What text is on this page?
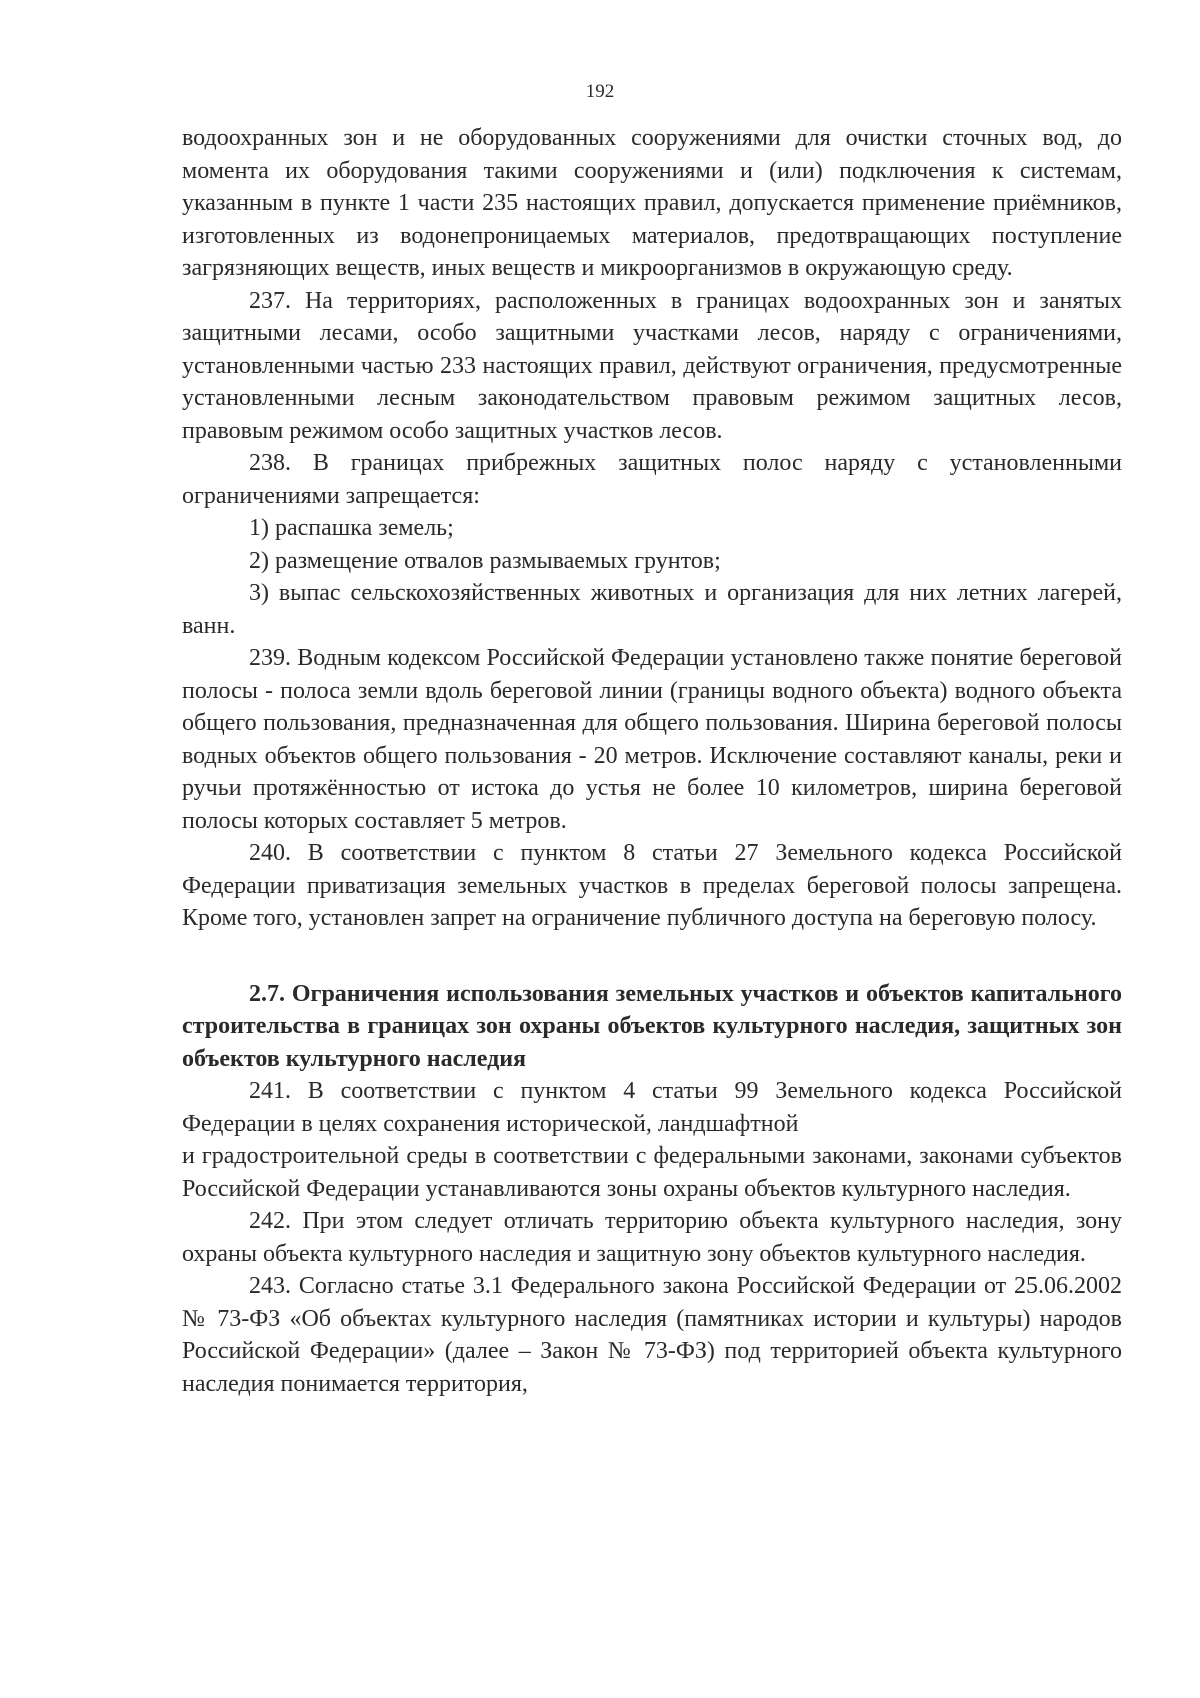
192

водоохранных зон и не оборудованных сооружениями для очистки сточных вод, до момента их оборудования такими сооружениями и (или) подключения к системам, указанным в пункте 1 части 235 настоящих правил, допускается применение приёмников, изготовленных из водонепроницаемых материалов, предотвращающих поступление загрязняющих веществ, иных веществ и микроорганизмов в окружающую среду.

237. На территориях, расположенных в границах водоохранных зон и занятых защитными лесами, особо защитными участками лесов, наряду с ограничениями, установленными частью 233 настоящих правил, действуют ограничения, предусмотренные установленными лесным законодательством правовым режимом защитных лесов, правовым режимом особо защитных участков лесов.

238. В границах прибрежных защитных полос наряду с установленными ограничениями запрещается:

1) распашка земель;

2) размещение отвалов размываемых грунтов;

3) выпас сельскохозяйственных животных и организация для них летних лагерей, ванн.

239. Водным кодексом Российской Федерации установлено также понятие береговой полосы - полоса земли вдоль береговой линии (границы водного объекта) водного объекта общего пользования, предназначенная для общего пользования. Ширина береговой полосы водных объектов общего пользования - 20 метров. Исключение составляют каналы, реки и ручьи протяжённостью от истока до устья не более 10 километров, ширина береговой полосы которых составляет 5 метров.

240. В соответствии с пунктом 8 статьи 27 Земельного кодекса Российской Федерации приватизация земельных участков в пределах береговой полосы запрещена. Кроме того, установлен запрет на ограничение публичного доступа на береговую полосу.

2.7. Ограничения использования земельных участков и объектов капитального строительства в границах зон охраны объектов культурного наследия, защитных зон объектов культурного наследия

241. В соответствии с пунктом 4 статьи 99 Земельного кодекса Российской Федерации в целях сохранения исторической, ландшафтной
и градостроительной среды в соответствии с федеральными законами, законами субъектов Российской Федерации устанавливаются зоны охраны объектов культурного наследия.

242. При этом следует отличать территорию объекта культурного наследия, зону охраны объекта культурного наследия и защитную зону объектов культурного наследия.

243. Согласно статье 3.1 Федерального закона Российской Федерации от 25.06.2002 № 73-ФЗ «Об объектах культурного наследия (памятниках истории и культуры) народов Российской Федерации» (далее – Закон № 73-ФЗ) под территорией объекта культурного наследия понимается территория,
